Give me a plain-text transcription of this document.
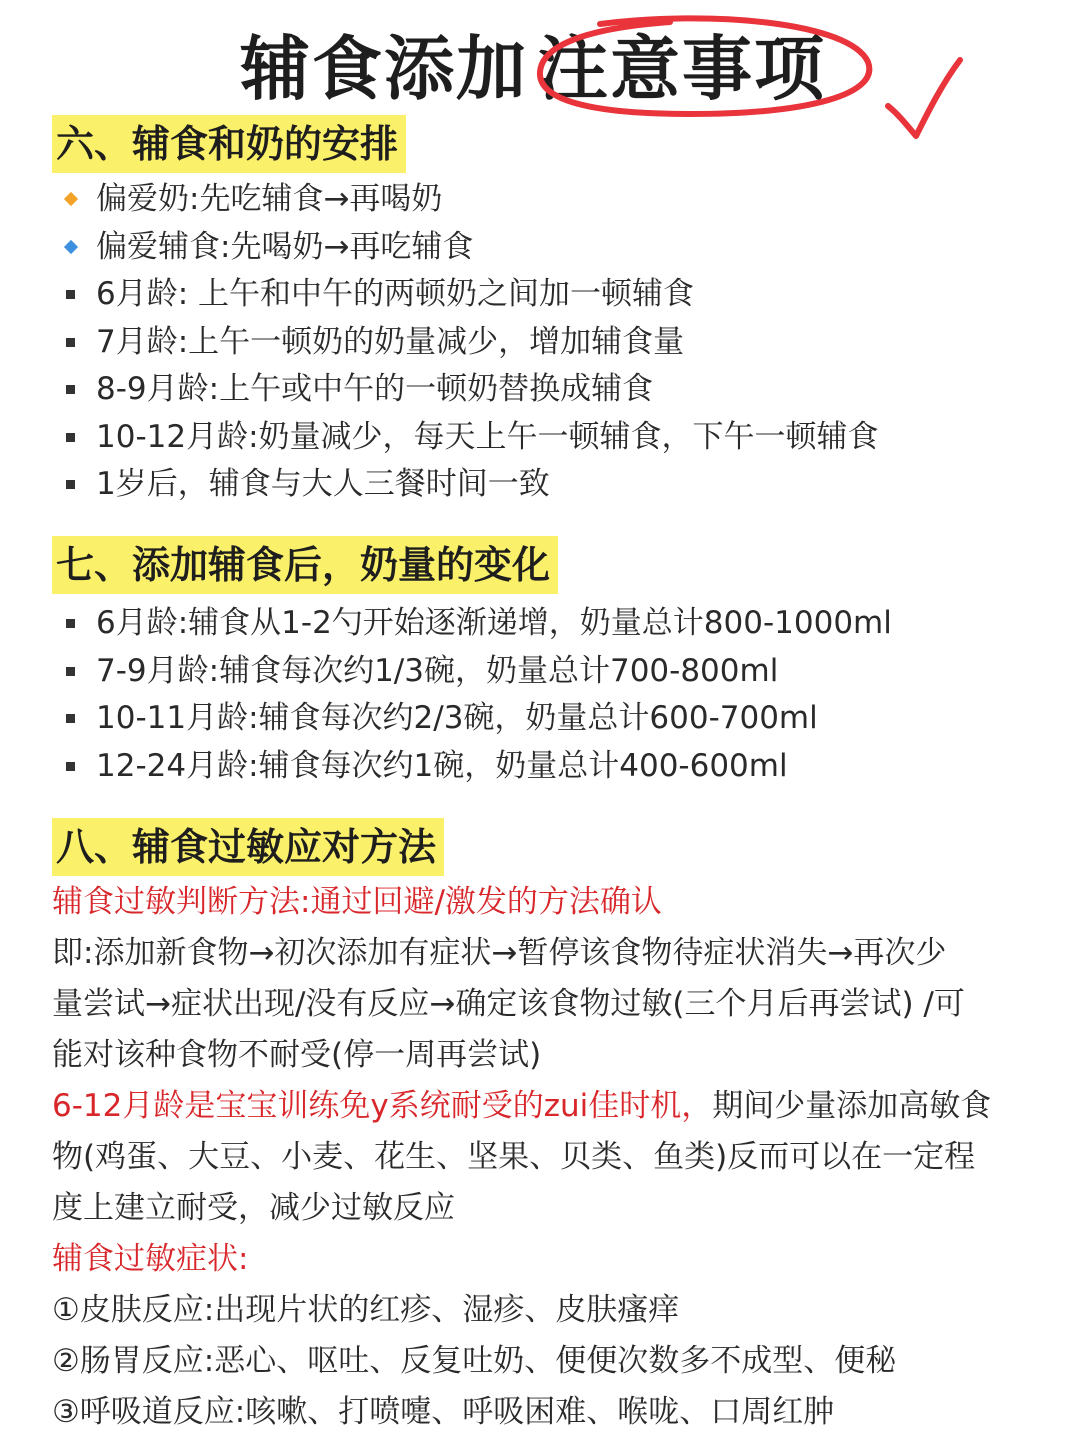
辅食添加 注意事项
六、辅食和奶的安排
偏爱奶:先吃辅食→再喝奶
偏爱辅食:先喝奶→再吃辅食
6月龄: 上午和中午的两顿奶之间加一顿辅食
7月龄:上午一顿奶的奶量减少，增加辅食量
8-9月龄:上午或中午的一顿奶替换成辅食
10-12月龄:奶量减少，每天上午一顿辅食，下午一顿辅食
1岁后，辅食与大人三餐时间一致
七、添加辅食后，奶量的变化
6月龄:辅食从1-2勺开始逐渐递增，奶量总计800-1000ml
7-9月龄:辅食每次约1/3碗，奶量总计700-800ml
10-11月龄:辅食每次约2/3碗，奶量总计600-700ml
12-24月龄:辅食每次约1碗，奶量总计400-600ml
八、辅食过敏应对方法
辅食过敏判断方法:通过回避/激发的方法确认
即:添加新食物→初次添加有症状→暂停该食物待症状消失→再次少
量尝试→症状出现/没有反应→确定该食物过敏(三个月后再尝试) /可
能对该种食物不耐受(停一周再尝试)
6-12月龄是宝宝训练免y系统耐受的zui佳时机，期间少量添加高敏食
物(鸡蛋、大豆、小麦、花生、坚果、贝类、鱼类)反而可以在一定程
度上建立耐受，减少过敏反应
辅食过敏症状:
①皮肤反应:出现片状的红疹、湿疹、皮肤瘙痒
②肠胃反应:恶心、呕吐、反复吐奶、便便次数多不成型、便秘
③呼吸道反应:咳嗽、打喷嚏、呼吸困难、喉咙、口周红肿
